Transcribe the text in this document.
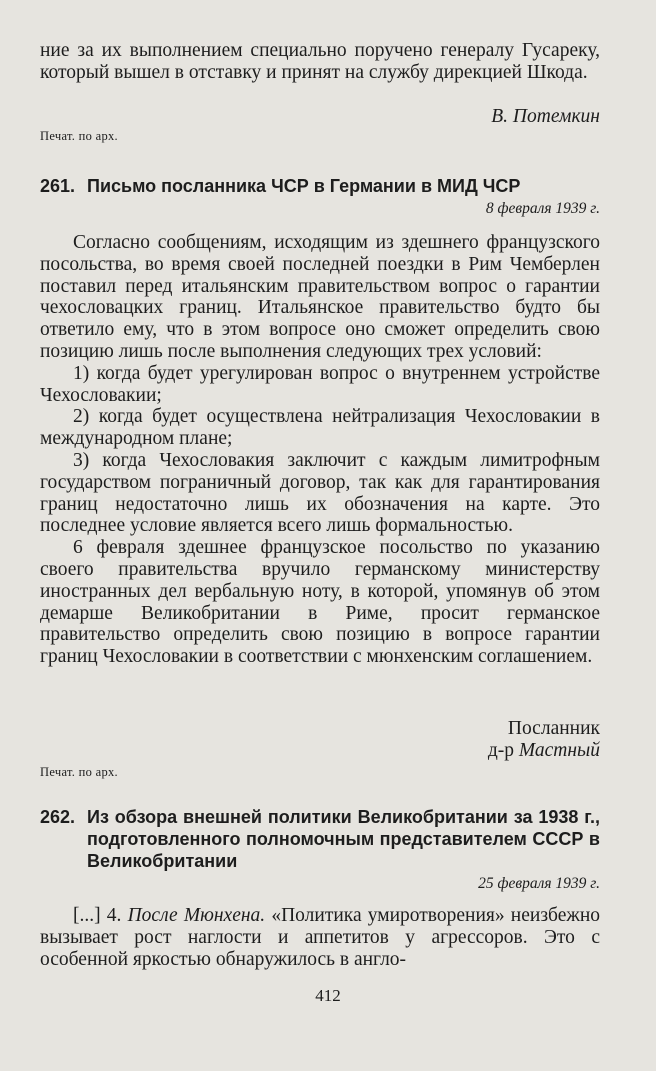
ние за их выполнением специально поручено генералу Гусареку, который вышел в отставку и принят на службу дирекцией Шкода.

В. Потемкин
Печат. по арх.
261. Письмо посланника ЧСР в Германии в МИД ЧСР
8 февраля 1939 г.

Согласно сообщениям, исходящим из здешнего французского посольства, во время своей последней поездки в Рим Чемберлен поставил перед итальянским правительством вопрос о гарантии чехословацких границ. Итальянское правительство будто бы ответило ему, что в этом вопросе оно сможет определить свою позицию лишь после выполнения следующих трех условий:

1) когда будет урегулирован вопрос о внутреннем устройстве Чехословакии;

2) когда будет осуществлена нейтрализация Чехословакии в международном плане;

3) когда Чехословакия заключит с каждым лимитрофным государством пограничный договор, так как для гарантирования границ недостаточно лишь их обозначения на карте. Это последнее условие является всего лишь формальностью.

6 февраля здешнее французское посольство по указанию своего правительства вручило германскому министерству иностранных дел вербальную ноту, в которой, упомянув об этом демарше Великобритании в Риме, просит германское правительство определить свою позицию в вопросе гарантии границ Чехословакии в соответствии с мюнхенским соглашением.

Посланник
д-р Мастный
Печат. по арх.
262. Из обзора внешней политики Великобритании за 1938 г., подготовленного полномочным представителем СССР в Великобритании
25 февраля 1939 г.

[...] 4. После Мюнхена. «Политика умиротворения» неизбежно вызывает рост наглости и аппетитов у агрессоров. Это с особенной яркостью обнаружилось в англо-

412
